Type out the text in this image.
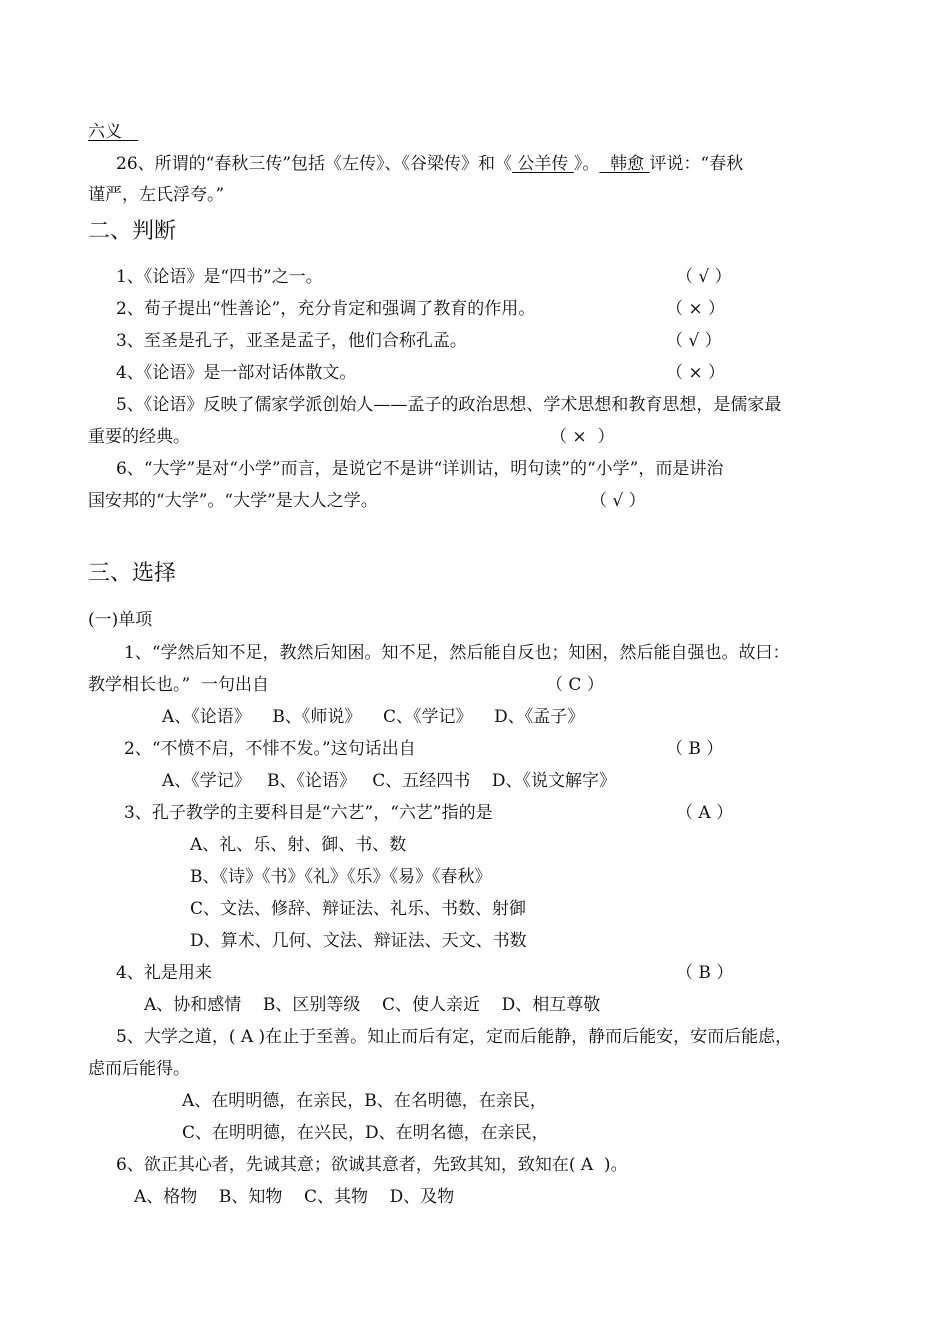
六义
26、所谓的“春秋三传”包括《左传》、《谷梁传》和《 公羊传 》。  韩愈 评说：“春秋
谨严，左氏浮夸。”
二、判断
1、《论语》是“四书”之一。	（ √ ）
2、荀子提出“性善论”，充分肯定和强调了教育的作用。	（ × ）
3、至圣是孔子，亚圣是孟子，他们合称孔孟。	（ √ ）
4、《论语》是一部对话体散文。	（ × ）
5、《论语》反映了儒家学派创始人——孟子的政治思想、学术思想和教育思想，是儒家最
重要的经典。	（ ×  ）
6、“大学”是对“小学”而言，是说它不是讲“详训诂，明句读”的“小学”，而是讲治
国安邦的“大学”。“大学”是大人之学。	（ √ ）
三、选择
(一)单项
1、“学然后知不足，教然后知困。知不足，然后能自反也；知困，然后能自强也。故曰：
教学相长也。”  一句出自	（ C ）
A、《论语》    B、《师说》    C、《学记》    D、《孟子》
2、“不愤不启，不悱不发。”这句话出自	（ B ）
A、《学记》   B、《论语》   C、五经四书    D、《说文解字》
3、孔子教学的主要科目是“六艺”，“六艺”指的是	（ A ）
A、礼、乐、射、御、书、数
B、《诗》《书》《礼》《乐》《易》《春秋》
C、文法、修辞、辩证法、礼乐、书数、射御
D、算术、几何、文法、辩证法、天文、书数
4、礼是用来	（ B ）
A、协和感情    B、区别等级    C、使人亲近    D、相互尊敬
5、大学之道，( A )在止于至善。知止而后有定，定而后能静，静而后能安，安而后能虑，
虑而后能得。
A、在明明德，在亲民，B、在名明德，在亲民，
C、在明明德，在兴民，D、在明名德，在亲民，
6、欲正其心者，先诚其意；欲诚其意者，先致其知，致知在( A  )。
A、格物    B、知物    C、其物    D、及物
